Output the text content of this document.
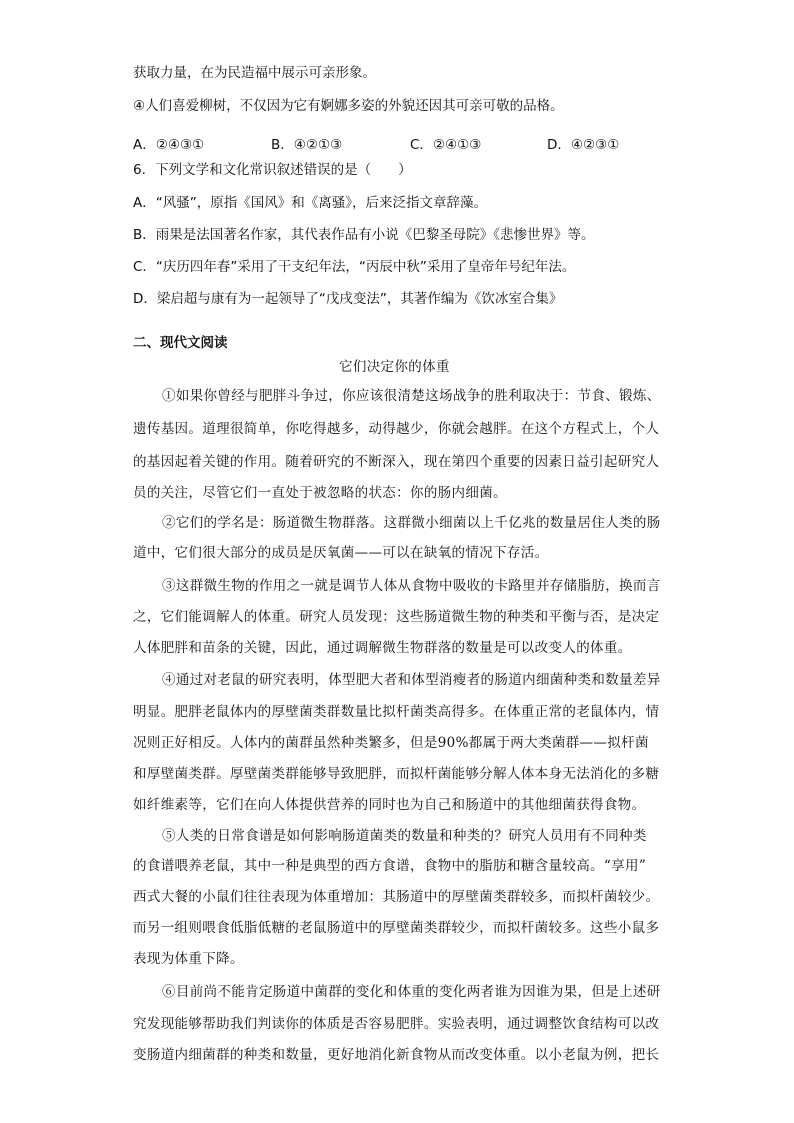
获取力量，在为民造福中展示可亲形象。
④人们喜爱柳树，不仅因为它有婀娜多姿的外貌还因其可亲可敬的品格。
A．②④③①	B．④②①③	C．②④①③	D．④②③①
6．下列文学和文化常识叙述错误的是（　　）
A．“风骚”，原指《国风》和《离骚》，后来泛指文章辞藻。
B．雨果是法国著名作家，其代表作品有小说《巴黎圣母院》《悲惨世界》等。
C．“庆历四年春”采用了干支纪年法，“丙辰中秋”采用了皇帝年号纪年法。
D．梁启超与康有为一起领导了“戊戌变法”，其著作编为《饮冰室合集》
二、现代文阅读
它们决定你的体重
①如果你曾经与肥胖斗争过，你应该很清楚这场战争的胜利取决于：节食、锻炼、
遗传基因。道理很简单，你吃得越多，动得越少，你就会越胖。在这个方程式上，个人
的基因起着关键的作用。随着研究的不断深入，现在第四个重要的因素日益引起研究人
员的关注，尽管它们一直处于被忽略的状态：你的肠内细菌。
②它们的学名是：肠道微生物群落。这群微小细菌以上千亿兆的数量居住人类的肠
道中，它们很大部分的成员是厌氧菌——可以在缺氧的情况下存活。
③这群微生物的作用之一就是调节人体从食物中吸收的卡路里并存储脂肪，换而言
之，它们能调解人的体重。研究人员发现：这些肠道微生物的种类和平衡与否，是决定
人体肥胖和苗条的关键，因此，通过调解微生物群落的数量是可以改变人的体重。
④通过对老鼠的研究表明，体型肥大者和体型消瘦者的肠道内细菌种类和数量差异
明显。肥胖老鼠体内的厚壁菌类群数量比拟杆菌类高得多。在体重正常的老鼠体内，情
况则正好相反。人体内的菌群虽然种类繁多，但是90%都属于两大类菌群——拟杆菌
和厚壁菌类群。厚壁菌类群能够导致肥胖，而拟杆菌能够分解人体本身无法消化的多糖
如纤维素等，它们在向人体提供营养的同时也为自己和肠道中的其他细菌获得食物。
⑤人类的日常食谱是如何影响肠道菌类的数量和种类的？研究人员用有不同种类
的食谱喂养老鼠，其中一种是典型的西方食谱，食物中的脂肪和糖含量较高。“享用”
西式大餐的小鼠们往往表现为体重增加：其肠道中的厚壁菌类群较多，而拟杆菌较少。
而另一组则喂食低脂低糖的老鼠肠道中的厚壁菌类群较少，而拟杆菌较多。这些小鼠多
表现为体重下降。
⑥目前尚不能肯定肠道中菌群的变化和体重的变化两者谁为因谁为果，但是上述研
究发现能够帮助我们判读你的体质是否容易肥胖。实验表明，通过调整饮食结构可以改
变肠道内细菌群的种类和数量，更好地消化新食物从而改变体重。以小老鼠为例，把长
